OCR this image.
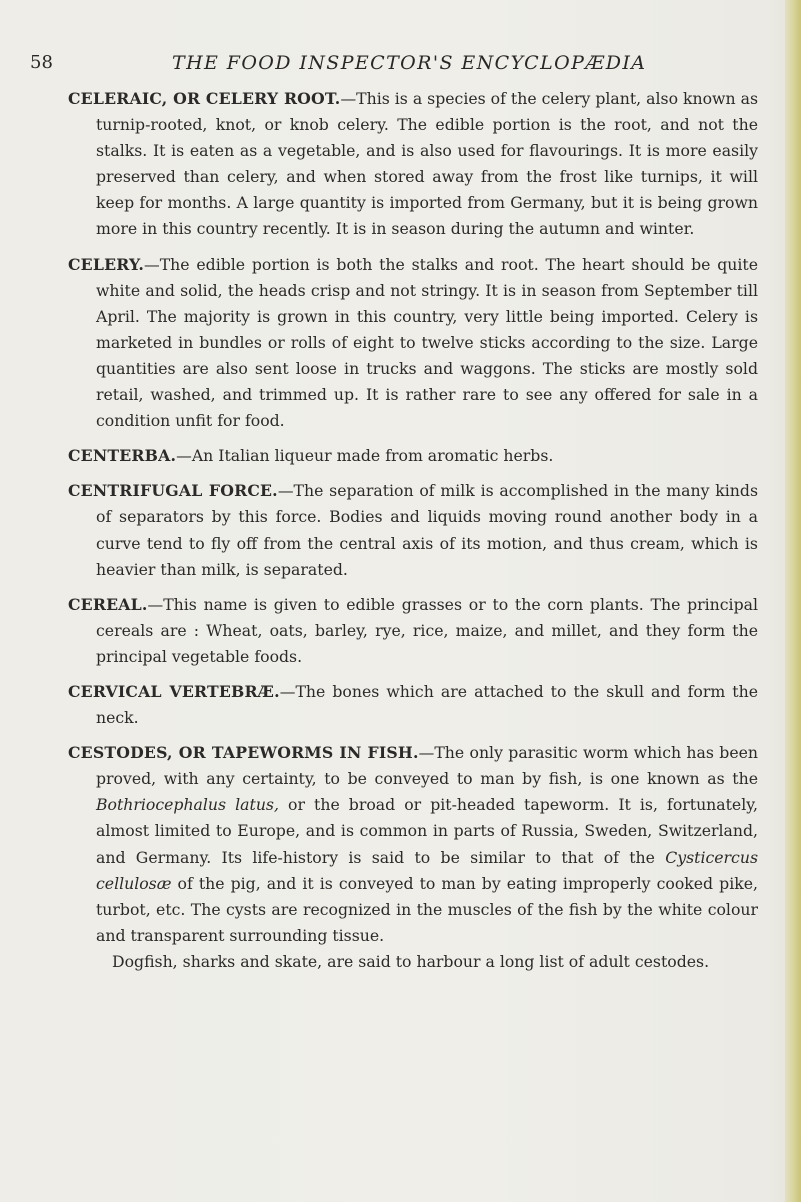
58	THE FOOD INSPECTOR'S ENCYCLOPÆDIA

CELERAIC, OR CELERY ROOT.—This is a species of the celery plant, also known as turnip-rooted, knot, or knob celery. The edible portion is the root, and not the stalks. It is eaten as a vegetable, and is also used for flavourings. It is more easily preserved than celery, and when stored away from the frost like turnips, it will keep for months. A large quantity is imported from Germany, but it is being grown more in this country recently. It is in season during the autumn and winter.

CELERY.—The edible portion is both the stalks and root. The heart should be quite white and solid, the heads crisp and not stringy. It is in season from September till April. The majority is grown in this country, very little being imported. Celery is marketed in bundles or rolls of eight to twelve sticks according to the size. Large quantities are also sent loose in trucks and waggons. The sticks are mostly sold retail, washed, and trimmed up. It is rather rare to see any offered for sale in a condition unfit for food.

CENTERBA.—An Italian liqueur made from aromatic herbs.

CENTRIFUGAL FORCE.—The separation of milk is accomplished in the many kinds of separators by this force. Bodies and liquids moving round another body in a curve tend to fly off from the central axis of its motion, and thus cream, which is heavier than milk, is separated.

CEREAL.—This name is given to edible grasses or to the corn plants. The principal cereals are : Wheat, oats, barley, rye, rice, maize, and millet, and they form the principal vegetable foods.

CERVICAL VERTEBRÆ.—The bones which are attached to the skull and form the neck.

CESTODES, OR TAPEWORMS IN FISH.—The only parasitic worm which has been proved, with any certainty, to be conveyed to man by fish, is one known as the Bothriocephalus latus, or the broad or pit-headed tapeworm. It is, fortunately, almost limited to Europe, and is common in parts of Russia, Sweden, Switzerland, and Germany. Its life-history is said to be similar to that of the Cysticercus cellulosæ of the pig, and it is conveyed to man by eating improperly cooked pike, turbot, etc. The cysts are recognized in the muscles of the fish by the white colour and transparent surrounding tissue.

Dogfish, sharks and skate, are said to harbour a long list of adult cestodes.
